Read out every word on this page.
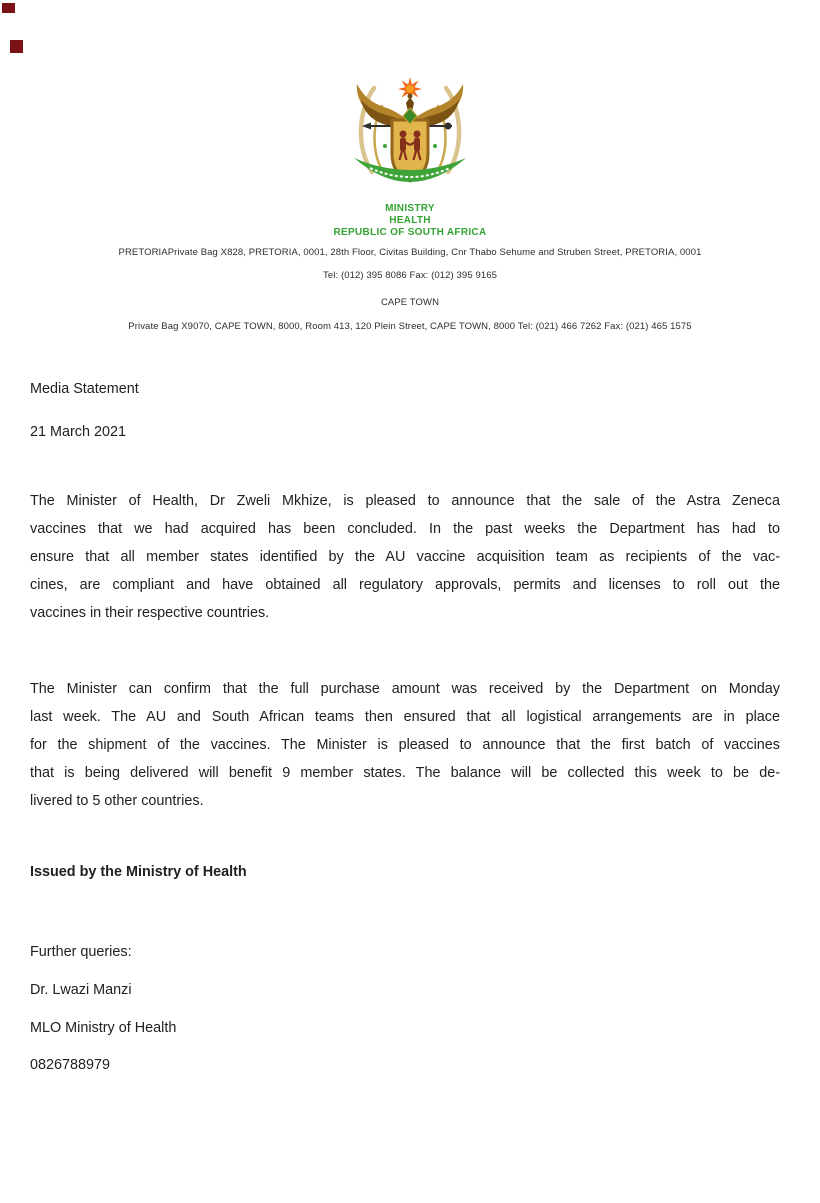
MINISTRY
HEALTH
REPUBLIC OF SOUTH AFRICA
PRETORIAPrivate Bag X828, PRETORIA, 0001, 28th Floor, Civitas Building, Cnr Thabo Sehume and Struben Street, PRETORIA, 0001
Tel: (012) 395 8086 Fax: (012) 395 9165
CAPE TOWN
Private Bag X9070, CAPE TOWN, 8000, Room 413, 120 Plein Street, CAPE TOWN, 8000 Tel: (021) 466 7262 Fax: (021) 465 1575
Media Statement
21 March 2021
The Minister of Health, Dr Zweli Mkhize, is pleased to announce that the sale of the Astra Zeneca
vaccines that we had acquired has been concluded. In the past weeks the Department has had to
ensure that all member states identified by the AU vaccine acquisition team as recipients of the vac-
cines, are compliant and have obtained all regulatory approvals, permits and licenses to roll out the
vaccines in their respective countries.
The Minister can confirm that the full purchase amount was received by the Department on Monday
last week. The AU and South African teams then ensured that all logistical arrangements are in place
for the shipment of the vaccines. The Minister is pleased to announce that the first batch of vaccines
that is being delivered will benefit 9 member states. The balance will be collected this week to be de-
livered to 5 other countries.
Issued by the Ministry of Health
Further queries:
Dr. Lwazi Manzi
MLO Ministry of Health
0826788979
